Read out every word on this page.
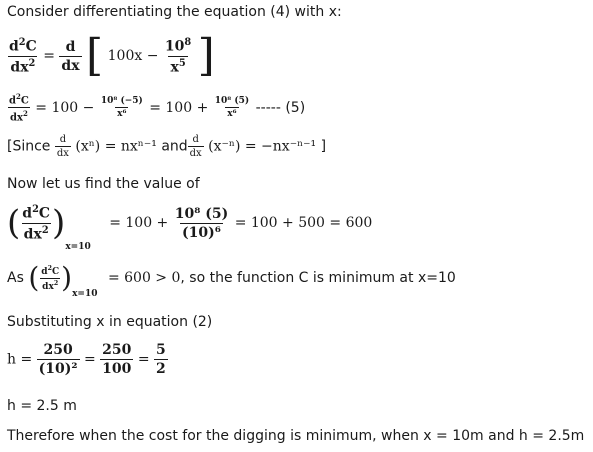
Consider differentiating the equation (4) with x:
$\frac{d^2C}{dx^2} = \frac{d}{dx}$ [ $100x - \frac{10^8}{x^5}$ ]
$\frac{d^2C}{dx^2} = 100 - \frac{\text{10⁸ (−5)}}{\text{x⁶}} = 100 + \frac{\text{10⁸ (5)}}{\text{x⁶}}$ ----- (5)
[Since $\frac{d}{dx} (x^n) = nx^{n-1}$ and $\frac{d}{dx} (x^{-n}) = -nx^{-n-1}$ ]
Now let us find the value of
( $\frac{d^2C}{dx^2} )_{x=10} = 100 + \frac{\text{10⁸ (5)}}{\text{(10)⁶}} = 100 + 500 = 600$
As ( $\frac{d^2C}{dx^2} )_{x=10} = 600 > 0$, so the function C is minimum at x=10
Substituting x in equation (2)
$h = \frac{250}{\text{(10)²}} = \frac{250}{100} = \frac{5}{2}$
h = 2.5 m
Therefore when the cost for the digging is minimum, when x = 10m and h = 2.5m
